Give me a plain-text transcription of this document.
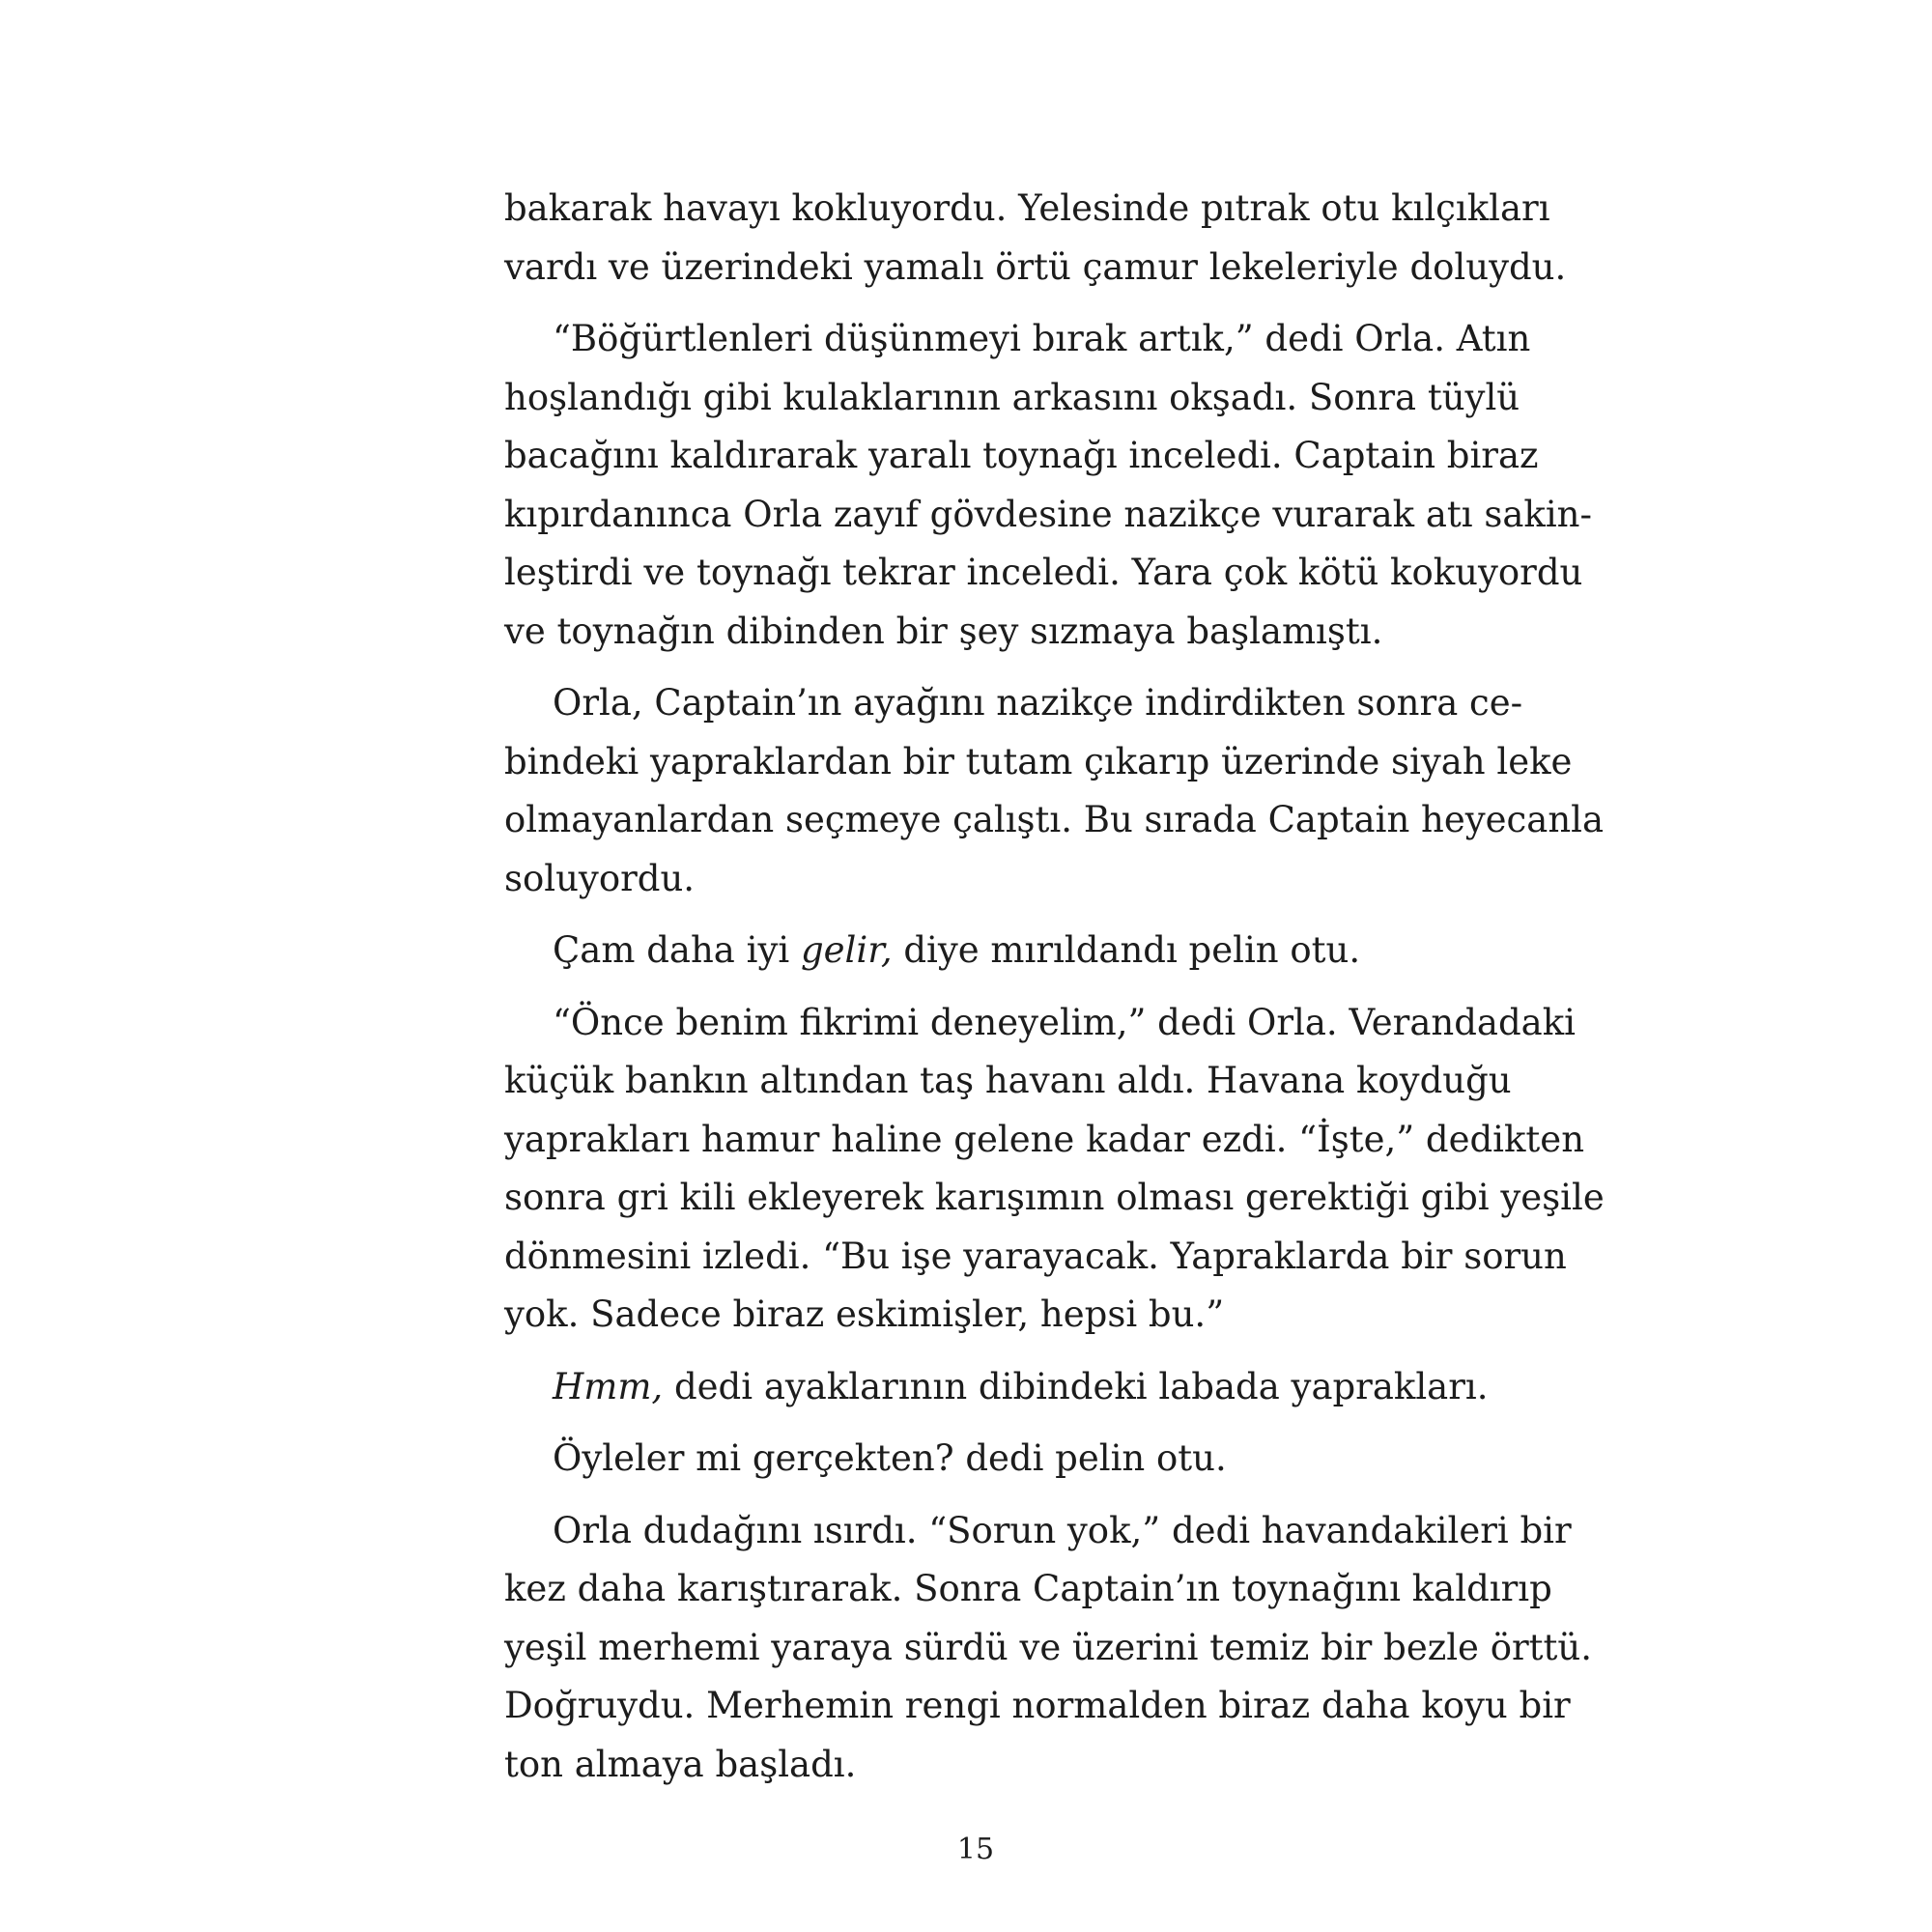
bakarak havayı kokluyordu. Yelesinde pıtrak otu kılçıkları
vardı ve üzerindeki yamalı örtü çamur lekeleriyle doluydu.
“Böğürtlenleri düşünmeyi bırak artık,” dedi Orla. Atın
hoşlandığı gibi kulaklarının arkasını okşadı. Sonra tüylü
bacağını kaldırarak yaralı toynağı inceledi. Captain biraz
kıpırdanınca Orla zayıf gövdesine nazikçe vurarak atı sakin-
leştirdi ve toynağı tekrar inceledi. Yara çok kötü kokuyordu
ve toynağın dibinden bir şey sızmaya başlamıştı.
Orla, Captain’ın ayağını nazikçe indirdikten sonra ce-
bindeki yapraklardan bir tutam çıkarıp üzerinde siyah leke
olmayanlardan seçmeye çalıştı. Bu sırada Captain heyecanla
soluyordu.
Çam daha iyi gelir, diye mırıldandı pelin otu.
“Önce benim fikrimi deneyelim,” dedi Orla. Verandadaki
küçük bankın altından taş havanı aldı. Havana koyduğu
yaprakları hamur haline gelene kadar ezdi. “İşte,” dedikten
sonra gri kili ekleyerek karışımın olması gerektiği gibi yeşile
dönmesini izledi. “Bu işe yarayacak. Yapraklarda bir sorun
yok. Sadece biraz eskimişler, hepsi bu.”
Hmm, dedi ayaklarının dibindeki labada yaprakları.
Öyleler mi gerçekten? dedi pelin otu.
Orla dudağını ısırdı. “Sorun yok,” dedi havandakileri bir
kez daha karıştırarak. Sonra Captain’ın toynağını kaldırıp
yeşil merhemi yaraya sürdü ve üzerini temiz bir bezle örttü.
Doğruydu. Merhemin rengi normalden biraz daha koyu bir
ton almaya başladı.
15
